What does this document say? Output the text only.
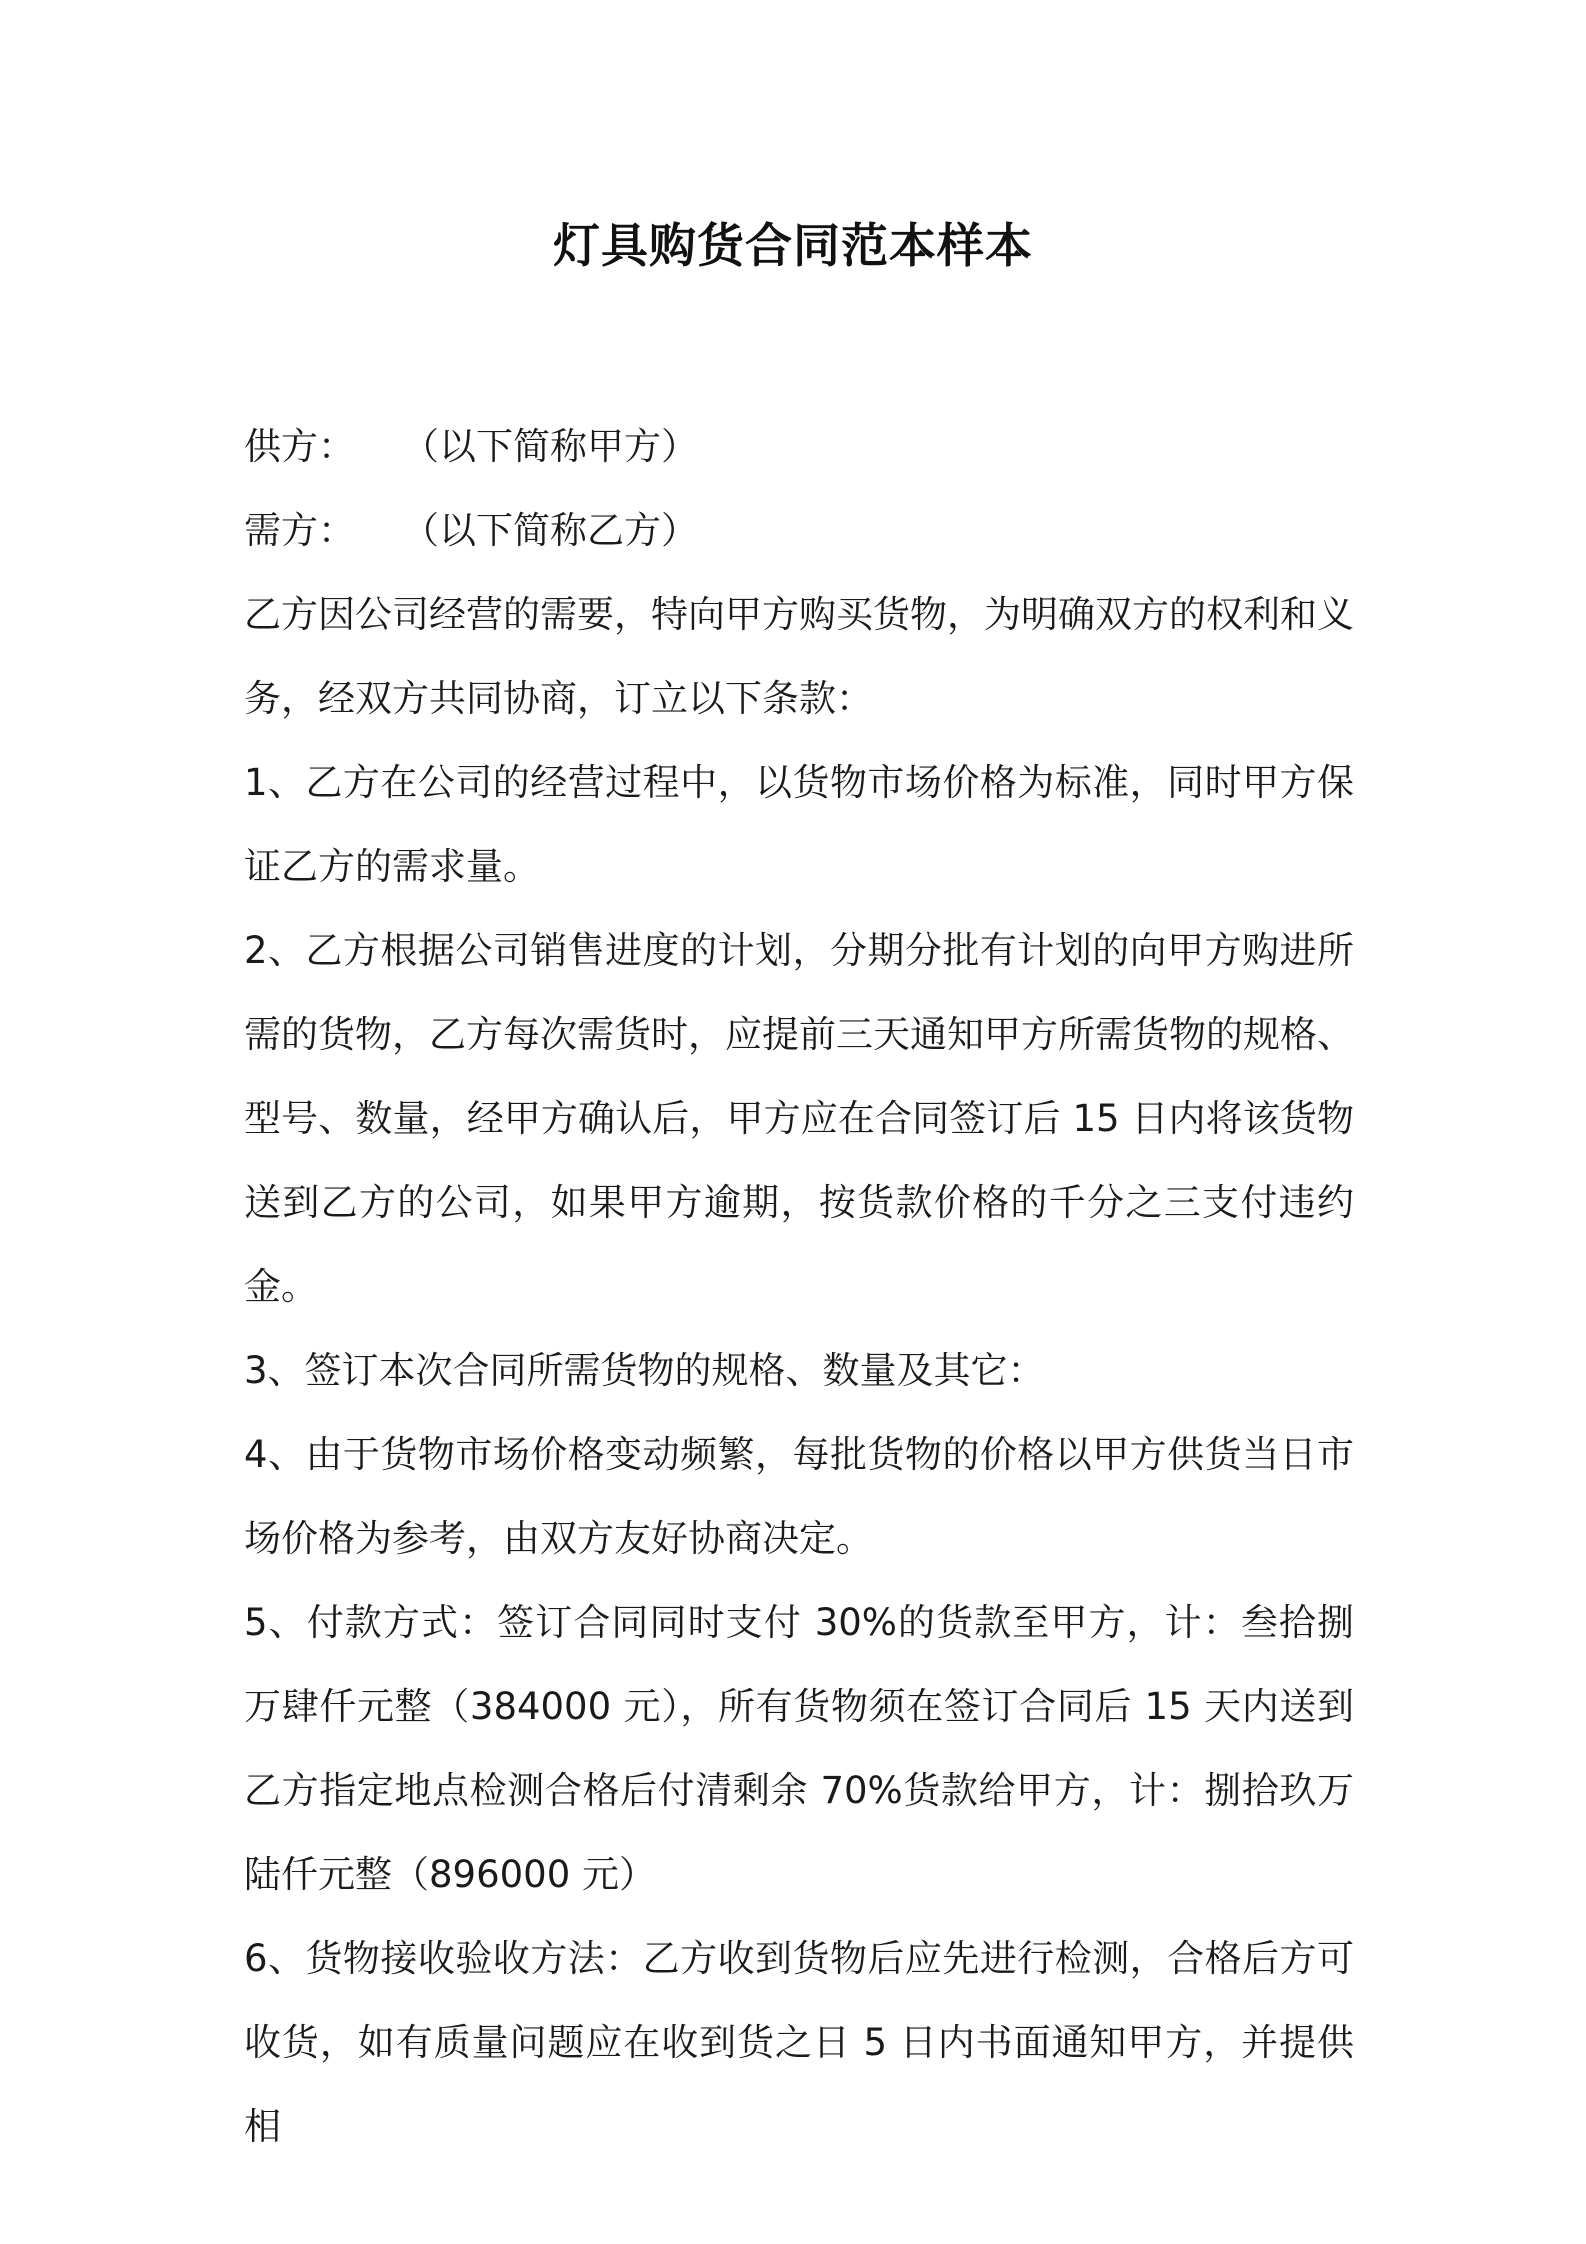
灯具购货合同范本样本

供方：    （以下简称甲方）

需方：    （以下简称乙方）

乙方因公司经营的需要，特向甲方购买货物，为明确双方的权利和义务，经双方共同协商，订立以下条款：

1、乙方在公司的经营过程中，以货物市场价格为标准，同时甲方保证乙方的需求量。

2、乙方根据公司销售进度的计划，分期分批有计划的向甲方购进所需的货物，乙方每次需货时，应提前三天通知甲方所需货物的规格、型号、数量，经甲方确认后，甲方应在合同签订后 15 日内将该货物送到乙方的公司，如果甲方逾期，按货款价格的千分之三支付违约金。

3、签订本次合同所需货物的规格、数量及其它：

4、由于货物市场价格变动频繁，每批货物的价格以甲方供货当日市场价格为参考，由双方友好协商决定。

5、付款方式：签订合同同时支付 30%的货款至甲方，计：叁拾捌万肆仟元整（384000 元），所有货物须在签订合同后 15 天内送到乙方指定地点检测合格后付清剩余 70%货款给甲方，计：捌拾玖万陆仟元整（896000 元）

6、货物接收验收方法：乙方收到货物后应先进行检测，合格后方可收货，如有质量问题应在收到货之日 5 日内书面通知甲方，并提供相
